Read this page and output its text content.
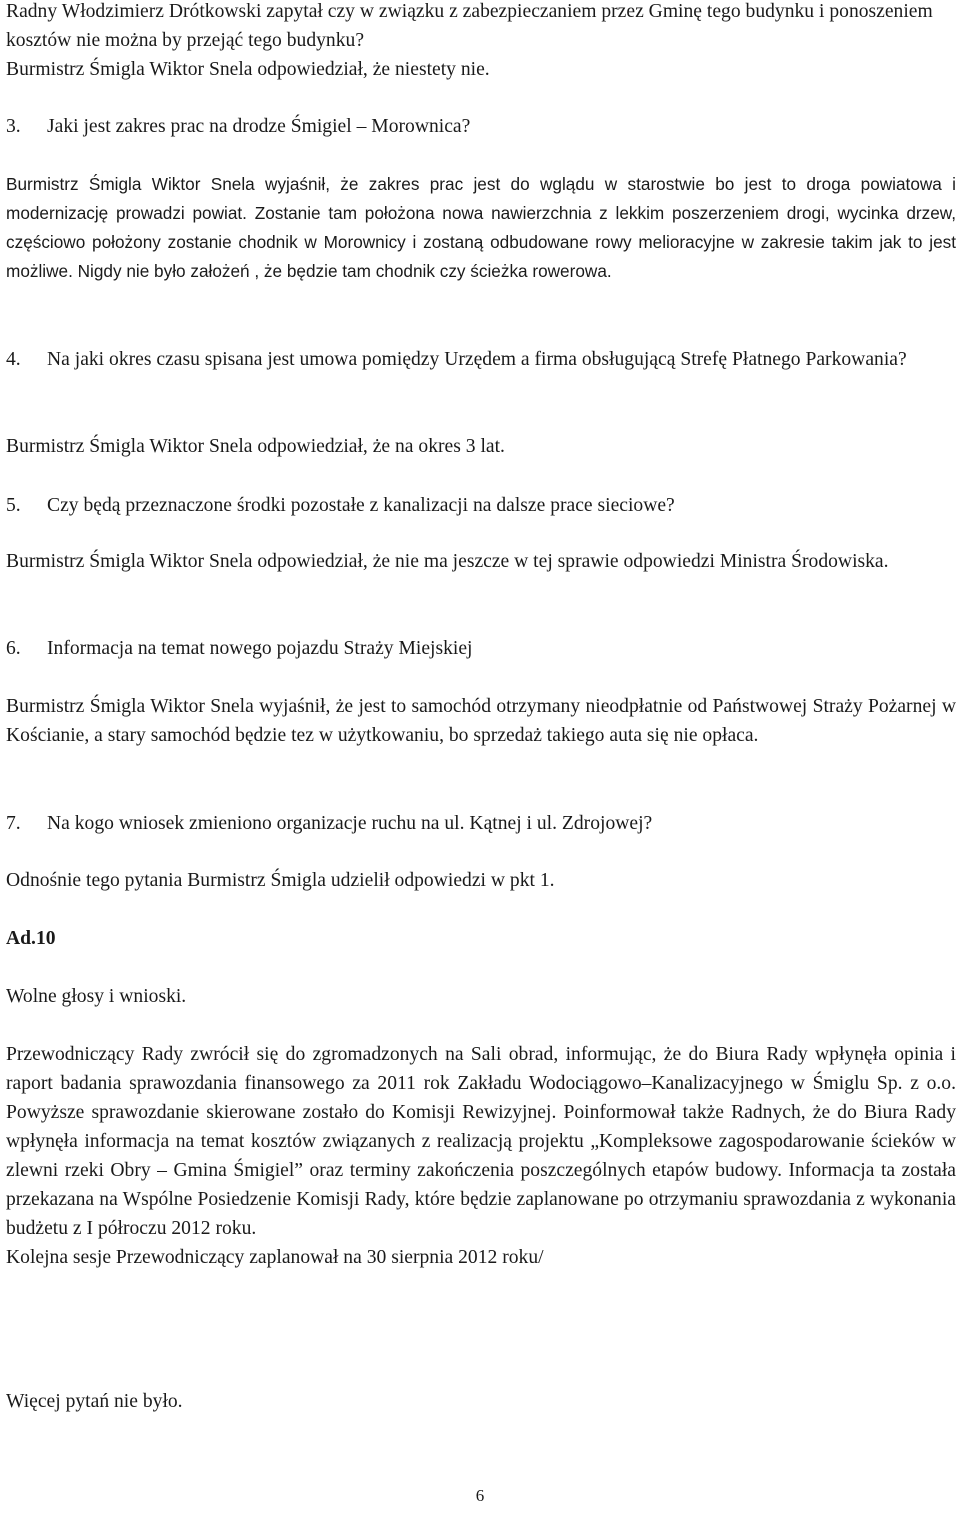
Radny Włodzimierz Drótkowski zapytał czy w związku z zabezpieczaniem przez Gminę tego budynku i ponoszeniem kosztów nie można by przejąć tego budynku?

Burmistrz Śmigla Wiktor Snela odpowiedział, że niestety nie.

3.	Jaki jest zakres prac na drodze Śmigiel – Morownica?

Burmistrz Śmigla Wiktor Snela wyjaśnił, że zakres prac jest do wglądu w starostwie bo jest to droga powiatowa i modernizację prowadzi powiat. Zostanie tam położona nowa nawierzchnia z lekkim poszerzeniem drogi, wycinka drzew, częściowo położony zostanie chodnik w Morownicy i zostaną odbudowane rowy melioracyjne w zakresie takim jak to jest możliwe. Nigdy nie było założeń , że będzie tam chodnik czy ścieżka rowerowa.

4.	Na jaki okres czasu spisana jest umowa pomiędzy Urzędem a firma obsługującą Strefę Płatnego Parkowania?

Burmistrz Śmigla Wiktor Snela odpowiedział, że na okres 3 lat.

5.	Czy będą przeznaczone środki pozostałe z kanalizacji na dalsze prace sieciowe?

Burmistrz Śmigla Wiktor Snela odpowiedział, że nie ma jeszcze w tej sprawie odpowiedzi Ministra Środowiska.

6.	Informacja na temat nowego pojazdu Straży Miejskiej

Burmistrz Śmigla Wiktor Snela wyjaśnił, że jest to samochód otrzymany nieodpłatnie od Państwowej Straży Pożarnej w Kościanie, a stary samochód będzie tez w użytkowaniu, bo sprzedaż takiego auta się nie opłaca.

7.	Na kogo wniosek zmieniono organizacje ruchu na ul. Kątnej i ul. Zdrojowej?

Odnośnie tego pytania Burmistrz Śmigla udzielił odpowiedzi w pkt 1.

Ad.10

Wolne głosy i wnioski.

Przewodniczący Rady zwrócił się do zgromadzonych na Sali obrad, informując, że do Biura Rady wpłynęła opinia i raport badania sprawozdania finansowego za 2011 rok Zakładu Wodociągowo–Kanalizacyjnego w Śmiglu Sp. z o.o. Powyższe sprawozdanie skierowane zostało do Komisji Rewizyjnej. Poinformował także Radnych, że do Biura Rady wpłynęła informacja na temat kosztów związanych z realizacją projektu „Kompleksowe zagospodarowanie ścieków w zlewni rzeki Obry – Gmina Śmigiel” oraz terminy zakończenia poszczególnych etapów budowy. Informacja ta została przekazana na Wspólne Posiedzenie Komisji Rady, które będzie zaplanowane po otrzymaniu sprawozdania z wykonania budżetu z I półroczu 2012 roku.

Kolejna sesje Przewodniczący zaplanował na 30 sierpnia 2012 roku/

Więcej pytań nie było.

6
